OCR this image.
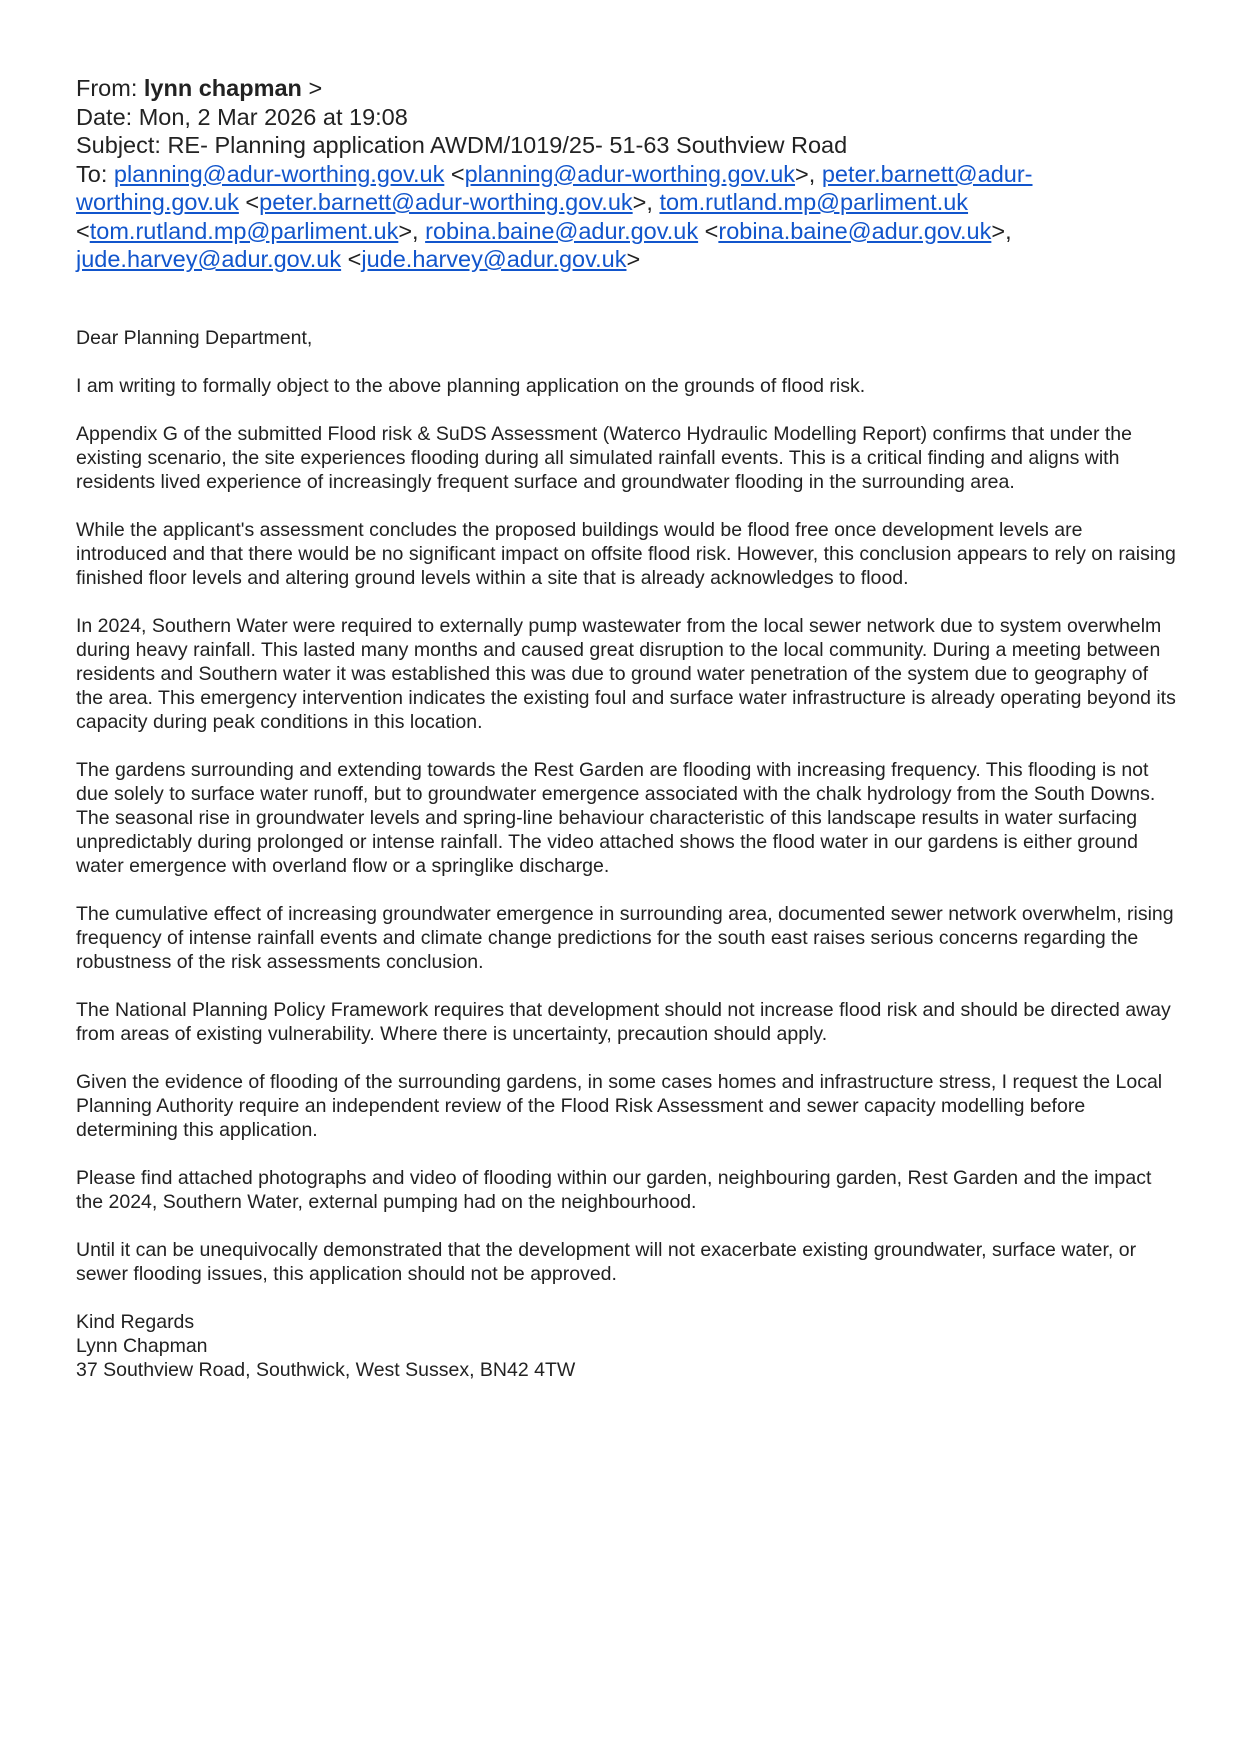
From: lynn chapman >
Date: Mon, 2 Mar 2026 at 19:08
Subject: RE- Planning application AWDM/1019/25- 51-63 Southview Road
To: planning@adur-worthing.gov.uk <planning@adur-worthing.gov.uk>, peter.barnett@adur-worthing.gov.uk <peter.barnett@adur-worthing.gov.uk>, tom.rutland.mp@parliment.uk <tom.rutland.mp@parliment.uk>, robina.baine@adur.gov.uk <robina.baine@adur.gov.uk>, jude.harvey@adur.gov.uk <jude.harvey@adur.gov.uk>

Dear Planning Department,

I am writing to formally object to the above planning application on the grounds of flood risk.

Appendix G of the submitted Flood risk & SuDS Assessment (Waterco Hydraulic Modelling Report) confirms that under the existing scenario, the site experiences flooding during all simulated rainfall events. This is a critical finding and aligns with residents lived experience of increasingly frequent surface and groundwater flooding in the surrounding area.

While the applicant's assessment concludes the proposed buildings would be flood free once development levels are introduced and that there would be no significant impact on offsite flood risk. However, this conclusion appears to rely on raising finished floor levels and altering ground levels within a site that is already acknowledges to flood.

In 2024, Southern Water were required to externally pump wastewater from the local sewer network due to system overwhelm during heavy rainfall. This lasted many months and caused great disruption to the local community. During a meeting between residents and Southern water it was established this was due to ground water penetration of the system due to geography of the area. This emergency intervention indicates the existing foul and surface water infrastructure is already operating beyond its capacity during peak conditions in this location.

The gardens surrounding and extending towards the Rest Garden are flooding with increasing frequency. This flooding is not due solely to surface water runoff, but to groundwater emergence associated with the chalk hydrology from the South Downs. The seasonal rise in groundwater levels and spring-line behaviour characteristic of this landscape results in water surfacing unpredictably during prolonged or intense rainfall. The video attached shows the flood water in our gardens is either ground water emergence with overland flow or a springlike discharge.

The cumulative effect of increasing groundwater emergence in surrounding area, documented sewer network overwhelm, rising frequency of intense rainfall events and climate change predictions for the south east raises serious concerns regarding the robustness of the risk assessments conclusion.

The National Planning Policy Framework requires that development should not increase flood risk and should be directed away from areas of existing vulnerability. Where there is uncertainty, precaution should apply.

Given the evidence of flooding of the surrounding gardens, in some cases homes and infrastructure stress, I request the Local Planning Authority require an independent review of the Flood Risk Assessment and sewer capacity modelling before determining this application.

Please find attached photographs and video of flooding within our garden, neighbouring garden, Rest Garden and the impact the 2024, Southern Water, external pumping had on the neighbourhood.

Until it can be unequivocally demonstrated that the development will not exacerbate existing groundwater, surface water, or sewer flooding issues, this application should not be approved.

Kind Regards
Lynn Chapman
37 Southview Road, Southwick, West Sussex, BN42 4TW
